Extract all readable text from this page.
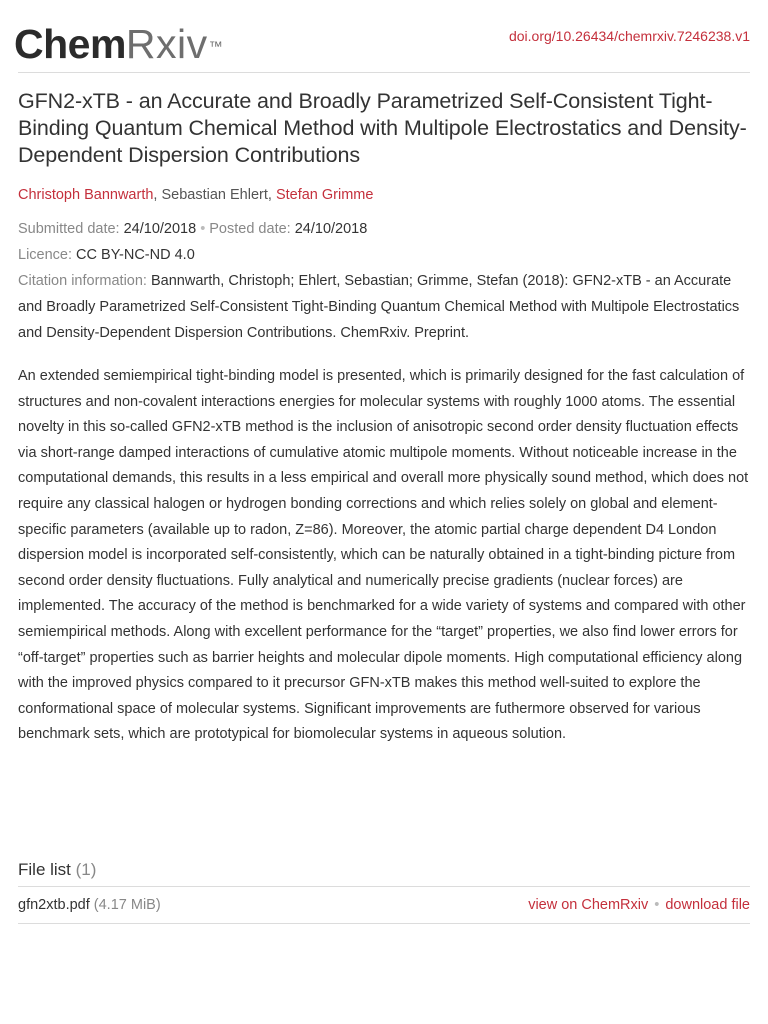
ChemRxiv™
doi.org/10.26434/chemrxiv.7246238.v1
GFN2-xTB - an Accurate and Broadly Parametrized Self-Consistent Tight-Binding Quantum Chemical Method with Multipole Electrostatics and Density-Dependent Dispersion Contributions
Christoph Bannwarth, Sebastian Ehlert, Stefan Grimme
Submitted date: 24/10/2018 • Posted date: 24/10/2018
Licence: CC BY-NC-ND 4.0
Citation information: Bannwarth, Christoph; Ehlert, Sebastian; Grimme, Stefan (2018): GFN2-xTB - an Accurate and Broadly Parametrized Self-Consistent Tight-Binding Quantum Chemical Method with Multipole Electrostatics and Density-Dependent Dispersion Contributions. ChemRxiv. Preprint.
An extended semiempirical tight-binding model is presented, which is primarily designed for the fast calculation of structures and non-covalent interactions energies for molecular systems with roughly 1000 atoms. The essential novelty in this so-called GFN2-xTB method is the inclusion of anisotropic second order density fluctuation effects via short-range damped interactions of cumulative atomic multipole moments. Without noticeable increase in the computational demands, this results in a less empirical and overall more physically sound method, which does not require any classical halogen or hydrogen bonding corrections and which relies solely on global and element-specific parameters (available up to radon, Z=86). Moreover, the atomic partial charge dependent D4 London dispersion model is incorporated self-consistently, which can be naturally obtained in a tight-binding picture from second order density fluctuations. Fully analytical and numerically precise gradients (nuclear forces) are implemented. The accuracy of the method is benchmarked for a wide variety of systems and compared with other semiempirical methods. Along with excellent performance for the “target” properties, we also find lower errors for “off-target” properties such as barrier heights and molecular dipole moments. High computational efficiency along with the improved physics compared to it precursor GFN-xTB makes this method well-suited to explore the conformational space of molecular systems. Significant improvements are futhermore observed for various benchmark sets, which are prototypical for biomolecular systems in aqueous solution.
File list (1)
gfn2xtb.pdf (4.17 MiB)	view on ChemRxiv • download file
